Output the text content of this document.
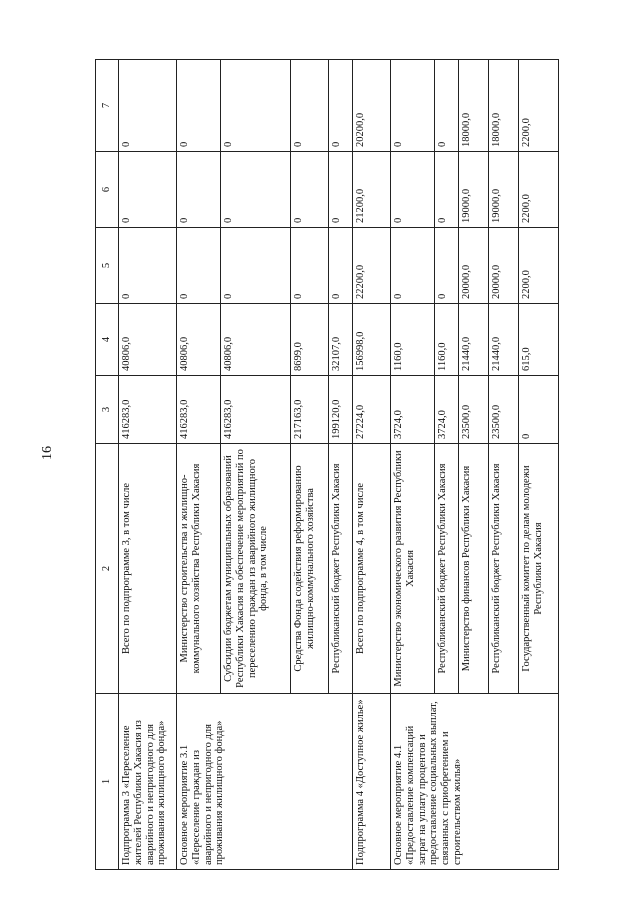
16
1	2	3	4	5	6	7
Подпрограмма 3 «Переселение жителей Республики Хакасия из аварийного и непригодного для проживания жилищного фонда»	Всего по подпрограмме 3, в том числе	416283,0	40806,0	0	0	0
Основное мероприятие 3.1 «Переселение граждан из аварийного и непригодного для проживания жилищного фонда»	Министерство строительства и жилищно-коммунального хозяйства Республики Хакасия	416283,0	40806,0	0	0	0
	Субсидии бюджетам муниципальных образований Республики Хакасия на обеспечение мероприятий по переселению граждан из аварийного жилищного фонда, в том числе	416283,0	40806,0	0	0	0
	Средства Фонда содействия реформированию жилищно-коммунального хозяйства	217163,0	8699,0	0	0	0
	Республиканский бюджет Республики Хакасия	199120,0	32107,0	0	0	0
Подпрограмма 4 «Доступное жилье»	Всего по подпрограмме 4, в том числе	27224,0	156998,0	22200,0	21200,0	20200,0
Основное мероприятие 4.1 «Предоставление компенсаций затрат на уплату процентов и предоставление социальных выплат, связанных с приобретением и строительством жилья»	Министерство экономического развития Республики Хакасия	3724,0	1160,0	0	0	0
	Республиканский бюджет Республики Хакасия	3724,0	1160,0	0	0	0
	Министерство финансов Республики Хакасия	23500,0	21440,0	20000,0	19000,0	18000,0
	Республиканский бюджет Республики Хакасия	23500,0	21440,0	20000,0	19000,0	18000,0
	Государственный комитет по делам молодежи Республики Хакасия	0	615,0	2200,0	2200,0	2200,0
